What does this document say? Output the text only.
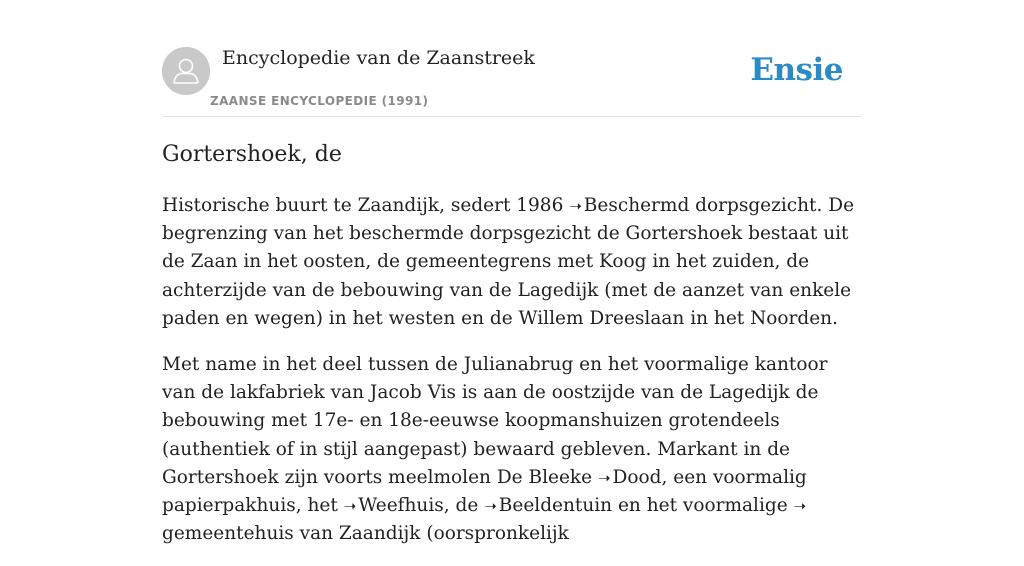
Encyclopedie van de Zaanstreek
ZAANSE ENCYCLOPEDIE (1991)
Ensie
Gortershoek, de

Historische buurt te Zaandijk, sedert 1986 ➝ Beschermd dorpsgezicht. De begrenzing van het beschermde dorpsgezicht de Gortershoek bestaat uit de Zaan in het oosten, de gemeentegrens met Koog in het zuiden, de achterzijde van de bebouwing van de Lagedijk (met de aanzet van enkele paden en wegen) in het westen en de Willem Dreeslaan in het Noorden.

Met name in het deel tussen de Julianabrug en het voormalige kantoor van de lakfabriek van Jacob Vis is aan de oostzijde van de Lagedijk de bebouwing met 17e- en 18e-eeuwse koopmanshuizen grotendeels (authentiek of in stijl aangepast) bewaard gebleven. Markant in de Gortershoek zijn voorts meelmolen De Bleeke ➝ Dood, een voormalig papierpakhuis, het ➝ Weefhuis, de ➝ Beeldentuin en het voormalige ➝gemeentehuis van Zaandijk (oorspronkelijk
